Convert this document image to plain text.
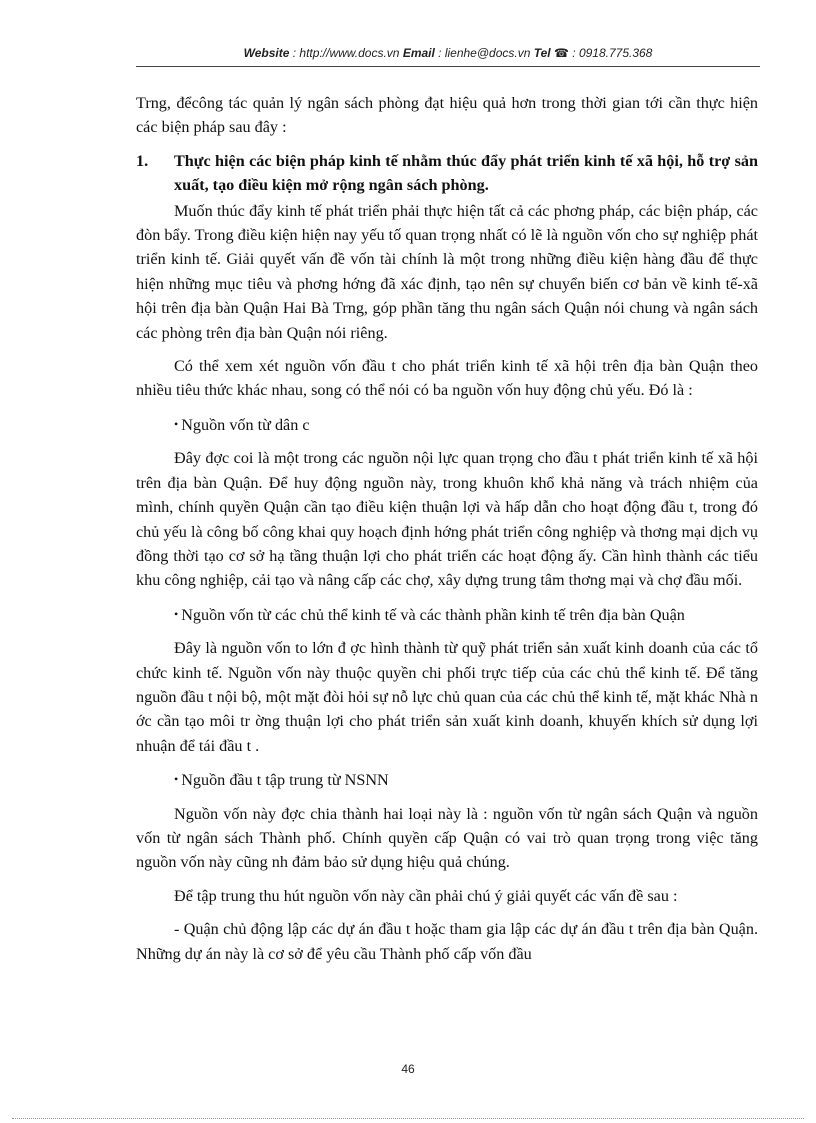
Website : http://www.docs.vn Email : lienhe@docs.vn Tel ☎ : 0918.775.368

Trng, đểcông tác quản lý ngân sách phòng đạt hiệu quả hơn trong thời gian tới cần thực hiện các biện pháp sau đây :

1.	Thực hiện các biện pháp kinh tế nhằm thúc đẩy phát triển kinh tế xã hội, hỗ trợ sản xuất, tạo điều kiện mở rộng ngân sách phòng.

Muốn thúc đẩy kinh tế phát triển phải thực hiện tất cả các phơng pháp, các biện pháp, các đòn bẩy. Trong điều kiện hiện nay yếu tố quan trọng nhất có lẽ là nguồn vốn cho sự nghiệp phát triển kinh tế. Giải quyết vấn đề vốn tài chính là một trong những điều kiện hàng đầu để thực hiện những mục tiêu và phơng hớng đã xác định, tạo nên sự chuyển biến cơ bản về kinh tế-xã hội trên địa bàn Quận Hai Bà Trng, góp phần tăng thu ngân sách Quận nói chung và ngân sách các phòng trên địa bàn Quận nói riêng.

Có thể xem xét nguồn vốn đầu t cho phát triển kinh tế xã hội trên địa bàn Quận theo nhiều tiêu thức khác nhau, song có thể nói có ba nguồn vốn huy động chủ yếu. Đó là :

• Nguồn vốn từ dân c

Đây đợc coi là một trong các nguồn nội lực quan trọng cho đầu t phát triển kinh tế xã hội trên địa bàn Quận. Để huy động nguồn này, trong khuôn khổ khả năng và trách nhiệm của mình, chính quyền Quận cần tạo điều kiện thuận lợi và hấp dẫn cho hoạt động đầu t, trong đó chủ yếu là công bố công khai quy hoạch định hớng phát triển công nghiệp và thơng mại dịch vụ đồng thời tạo cơ sở hạ tầng thuận lợi cho phát triển các hoạt động ấy. Cần hình thành các tiểu khu công nghiệp, cải tạo và nâng cấp các chợ, xây dựng trung tâm thơng mại và chợ đầu mối.

• Nguồn vốn từ các chủ thể kinh tế và các thành phần kinh tế trên địa bàn Quận

Đây là nguồn vốn to lớn đ ợc hình thành từ quỹ phát triển sản xuất kinh doanh của các tổ chức kinh tế. Nguồn vốn này thuộc quyền chi phối trực tiếp của các chủ thể kinh tế. Để tăng nguồn đầu t nội bộ, một mặt đòi hỏi sự nỗ lực chủ quan của các chủ thể kinh tế, mặt khác Nhà n ớc cần tạo môi tr ờng thuận lợi cho phát triển sản xuất kinh doanh, khuyến khích sử dụng lợi nhuận để tái đầu t .

• Nguồn đầu t tập trung từ NSNN

Nguồn vốn này đợc chia thành hai loại này là : nguồn vốn từ ngân sách Quận và nguồn vốn từ ngân sách Thành phố. Chính quyền cấp Quận có vai trò quan trọng trong việc tăng nguồn vốn này cũng nh đảm bảo sử dụng hiệu quả chúng.

Để tập trung thu hút nguồn vốn này cần phải chú ý giải quyết các vấn đề sau :

- Quận chủ động lập các dự án đầu t hoặc tham gia lập các dự án đầu t trên địa bàn Quận. Những dự án này là cơ sở để yêu cầu Thành phố cấp vốn đầu

46
